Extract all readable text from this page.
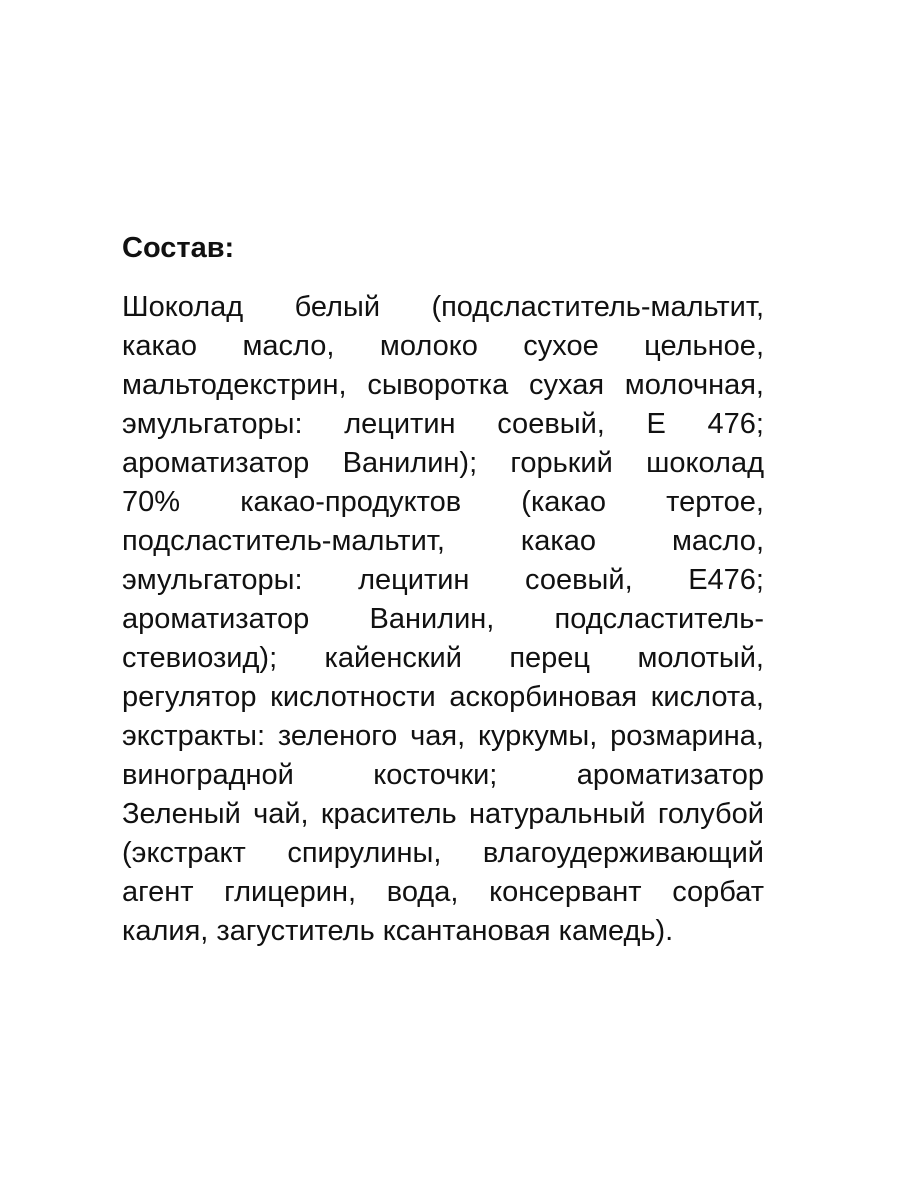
Состав:
Шоколад белый (подсластитель-мальтит,
какао масло, молоко сухое цельное,
мальтодекстрин, сыворотка сухая молочная,
эмульгаторы: лецитин соевый, Е 476;
ароматизатор Ванилин); горький шоколад
70% какао-продуктов (какао тертое,
подсластитель-мальтит, какао масло,
эмульгаторы: лецитин соевый, Е476;
ароматизатор Ванилин, подсластитель-
стевиозид); кайенский перец молотый,
регулятор кислотности аскорбиновая кислота,
экстракты: зеленого чая, куркумы, розмарина,
виноградной косточки; ароматизатор
Зеленый чай, краситель натуральный голубой
(экстракт спирулины, влагоудерживающий
агент глицерин, вода, консервант сорбат
калия, загуститель ксантановая камедь).
